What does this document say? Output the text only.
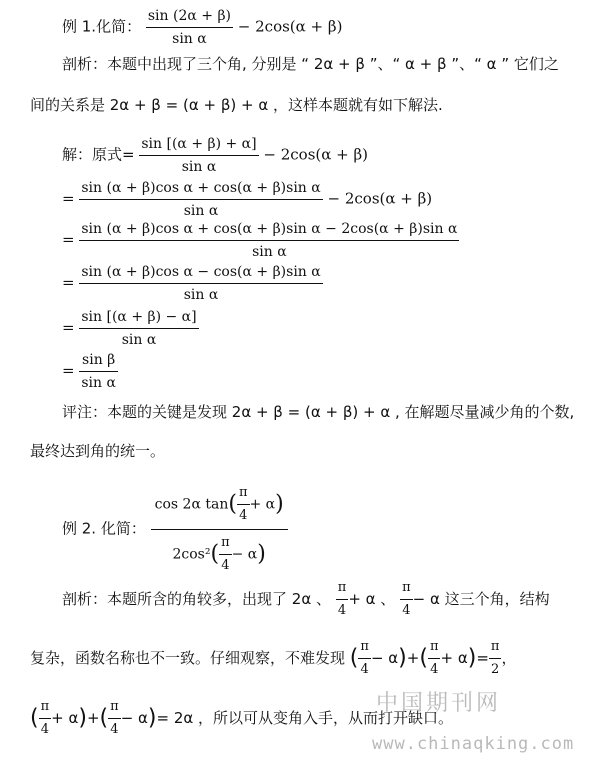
例 1.化简： $\frac{\sin (2\alpha + \beta)}{\text{sin α}} - 2\cos(\alpha + \beta)$
剖析：本题中出现了三个角, 分别是 “ 2α + β ”、“ α + β ”、“ α ” 它们之
间的关系是 2α + β = (α + β) + α ，这样本题就有如下解法.
解：原式= $\frac{\sin [(\alpha + \beta) + \alpha]}{\text{sin α}} - 2\cos(\alpha + \beta)$
= $\frac{\text{sin (α + β)cos α + cos(α + β)sin α}}{\text{sin α}} - 2\cos(\alpha + \beta)$
= $\frac{\text{sin (α + β)cos α + cos(α + β)sin α − 2cos(α + β)sin α}}{\text{sin α}}$
= $\frac{\text{sin (α + β)cos α − cos(α + β)sin α}}{\text{sin α}}$
= $\frac{\sin [(\alpha + \beta) - \alpha]}{\text{sin α}}$
= $\frac{\text{sin β}}{\text{sin α}}$
评注：本题的关键是发现 2α + β = (α + β) + α , 在解题尽量减少角的个数,
最终达到角的统一。
例 2. 化简： $\frac{\cos 2\alpha \tan( \frac{\pi}{4} + \alpha)}{2\cos^2( \frac{\pi}{4} - \alpha)}$
剖析：本题所含的角较多，出现了 2α 、 $\frac{\pi}{4} + \alpha$ 、 $\frac{\pi}{4} - \alpha$ 这三个角，结构
复杂，函数名称也不一致。仔细观察，不难发现 ( $\frac{\pi}{4} - \alpha)+( \frac{\pi}{4} + \alpha)= \frac{\pi}{2}$ ，
( $\frac{\pi}{4} + \alpha)+( \frac{\pi}{4} - \alpha)= 2\alpha$ ，所以可从变角入手，从而打开缺口。
中国期刊网
www.chinaqking.com
